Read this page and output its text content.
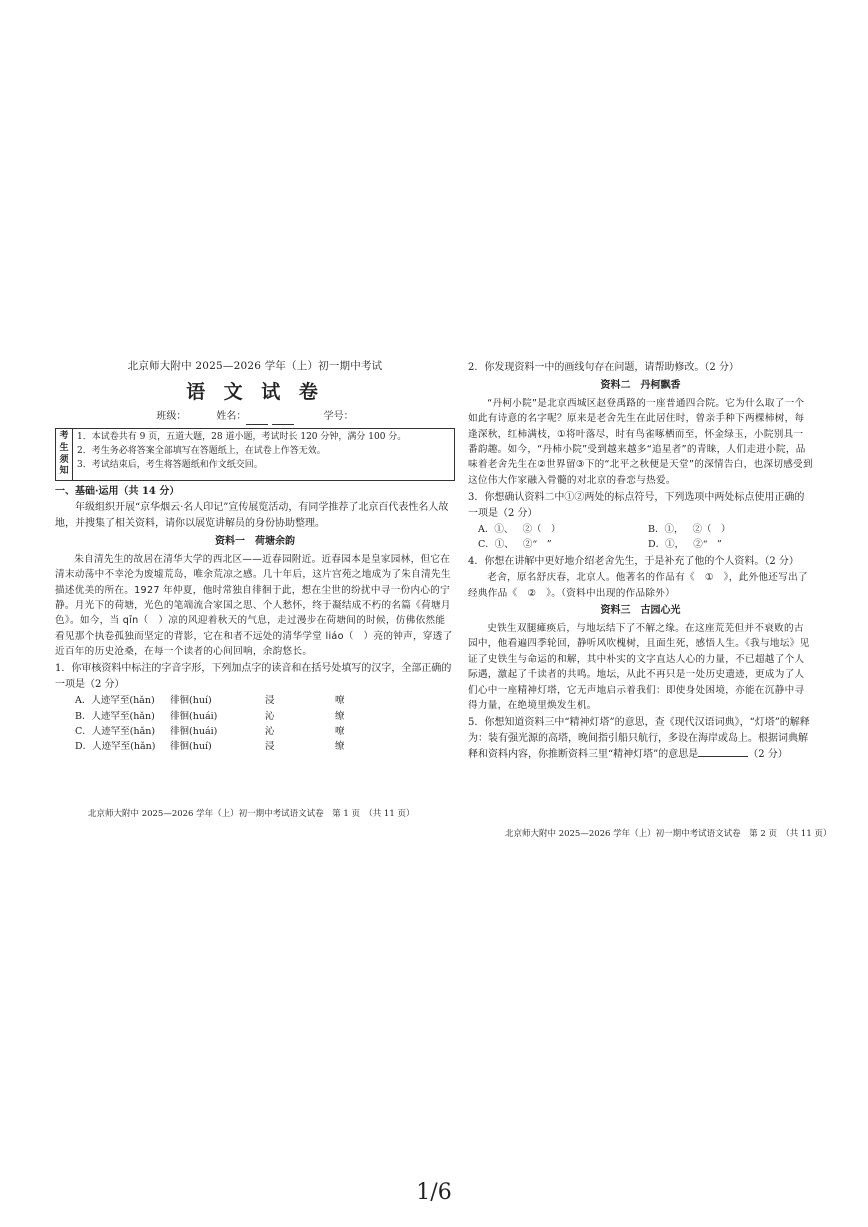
北京师大附中 2025—2026 学年（上）初一期中考试
语 文 试 卷
班级：	姓名：	学号：
考生须知
1．本试卷共有 9 页，五道大题，28 道小题，考试时长 120 分钟，满分 100 分。
2．考生务必将答案全部填写在答题纸上，在试卷上作答无效。
3．考试结束后，考生将答题纸和作文纸交回。
一、基础·运用（共 14 分）
年级组织开展“京华烟云·名人印记”宣传展览活动，有同学推荐了北京百代表性名人故地，并搜集了相关资料，请你以展览讲解员的身份协助整理。
资料一　荷塘余韵
朱自清先生的故居在清华大学的西北区——近春园附近。近春园本是皇家园林，但它在清末动荡中不幸沦为废墟荒岛，唯余荒凉之感。几十年后，这片宫苑之地成为了朱自清先生描述优美的所在。1927 年仲夏，他时常独自徘徊于此，想在尘世的纷扰中寻一份内心的宁静。月光下的荷塘，光色的笔端流合家国之思、个人愁怀，终于凝结成不朽的名篇《荷塘月色》。如今，当 qīn（　）凉的风迎着秋天的气息，走过漫步在荷塘间的时候，仿佛依然能看见那个执卷孤独而坚定的背影，它在和者不远处的清华学堂 liáo（　）亮的钟声，穿透了近百年的历史沧桑，在每一个读者的心间回响，余韵悠长。
1．你审核资料中标注的字音字形，下列加点字的读音和在括号处填写的汉字，全部正确的一项是（2 分）
A．人迹罕至(hǎn)	徘徊(huí)	浸	嘹
B．人迹罕至(hǎn)	徘徊(huái)	沁	缭
C．人迹罕至(hǎn)	徘徊(huái)	沁	嘹
D．人迹罕至(hǎn)	徘徊(huí)	浸	缭
2．你发现资料一中的画线句存在问题，请帮助修改。（2 分）
资料二　丹柯飘香
“丹柯小院”是北京西城区赵登禹路的一座普通四合院。它为什么取了一个如此有诗意的名字呢？原来是老舍先生在此居住时，曾亲手种下两棵柿树，每逢深秋，红柿满枝，①将叶落尽，时有鸟雀啄栖而至，怀金绿玉，小院别具一番韵趣。如今，“丹柿小院”受到越来越多“追星者”的青睐，人们走进小院，品味着老舍先生在②世界留③下的“北平之秋便是天堂”的深情告白，也深切感受到这位伟大作家融入骨髓的对北京的眷恋与热爱。
3．你想确认资料二中①②两处的标点符号，下列选项中两处标点使用正确的一项是（2 分）
A．①、 ②（　）	B．①， ②（　）
C．①、 ②“　”	D．①， ②“　”
4．你想在讲解中更好地介绍老舍先生，于是补充了他的个人资料。（2 分）
老舍，原名舒庆春，北京人。他著名的作品有《　①　》，此外他还写出了经典作品《　②　》。（资料中出现的作品除外）
资料三　古园心光
史铁生双腿瘫痪后，与地坛结下了不解之缘。在这座荒芜但并不衰败的古园中，他看遍四季轮回，静听风吹槐树，且面生死，感悟人生。《我与地坛》见证了史铁生与命运的和解，其中朴实的文字直达人心的力量，不已超越了个人际遇，激起了千读者的共鸣。地坛，从此不再只是一处历史遗迹，更成为了人们心中一座精神灯塔，它无声地启示着我们：即使身处困境，亦能在沉静中寻得力量，在绝境里焕发生机。
5．你想知道资料三中“精神灯塔”的意思，查《现代汉语词典》，“灯塔”的解释为：装有强光源的高塔，晚间指引船只航行，多设在海岸或岛上。根据词典解释和资料内容，你推断资料三里“精神灯塔”的意思是	（2 分）
北京师大附中 2025—2026 学年（上）初一期中考试语文试卷　第 1 页　（共 11 页）
北京师大附中 2025—2026 学年（上）初一期中考试语文试卷　第 2 页　（共 11 页）
1/6
